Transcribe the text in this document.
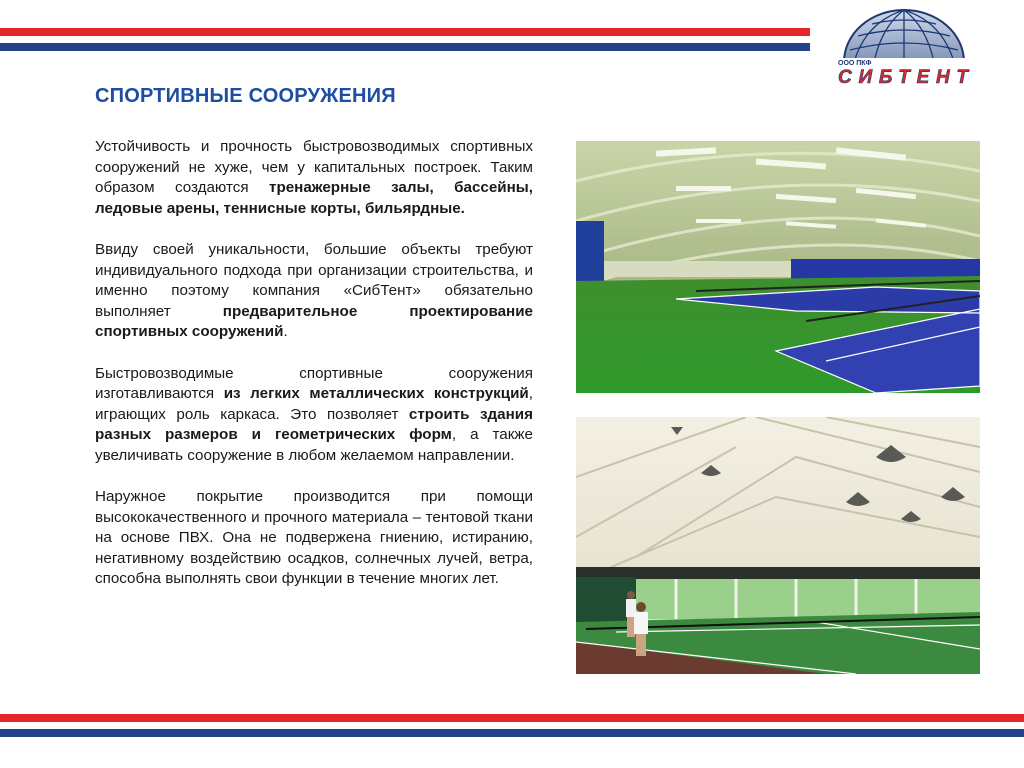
ООО ПКФ
СИБТЕНТ
СПОРТИВНЫЕ СООРУЖЕНИЯ

Устойчивость и прочность быстровозводимых спортивных сооружений не хуже, чем у капитальных построек. Таким образом создаются тренажерные залы, бассейны, ледовые арены, теннисные корты, бильярдные.

Ввиду своей уникальности, большие объекты требуют индивидуального подхода при организации строительства, и именно поэтому компания «СибТент» обязательно выполняет предварительное проектирование спортивных сооружений.

Быстровозводимые спортивные сооружения изготавливаются из легких металлических конструкций, играющих роль каркаса. Это позволяет строить здания разных размеров и геометрических форм, а также увеличивать сооружение в любом желаемом направлении.

Наружное покрытие производится при помощи высококачественного и прочного материала – тентовой ткани на основе ПВХ. Она не подвержена гниению, истиранию, негативному воздействию осадков, солнечных лучей, ветра, способна выполнять свои функции в течение многих лет.
